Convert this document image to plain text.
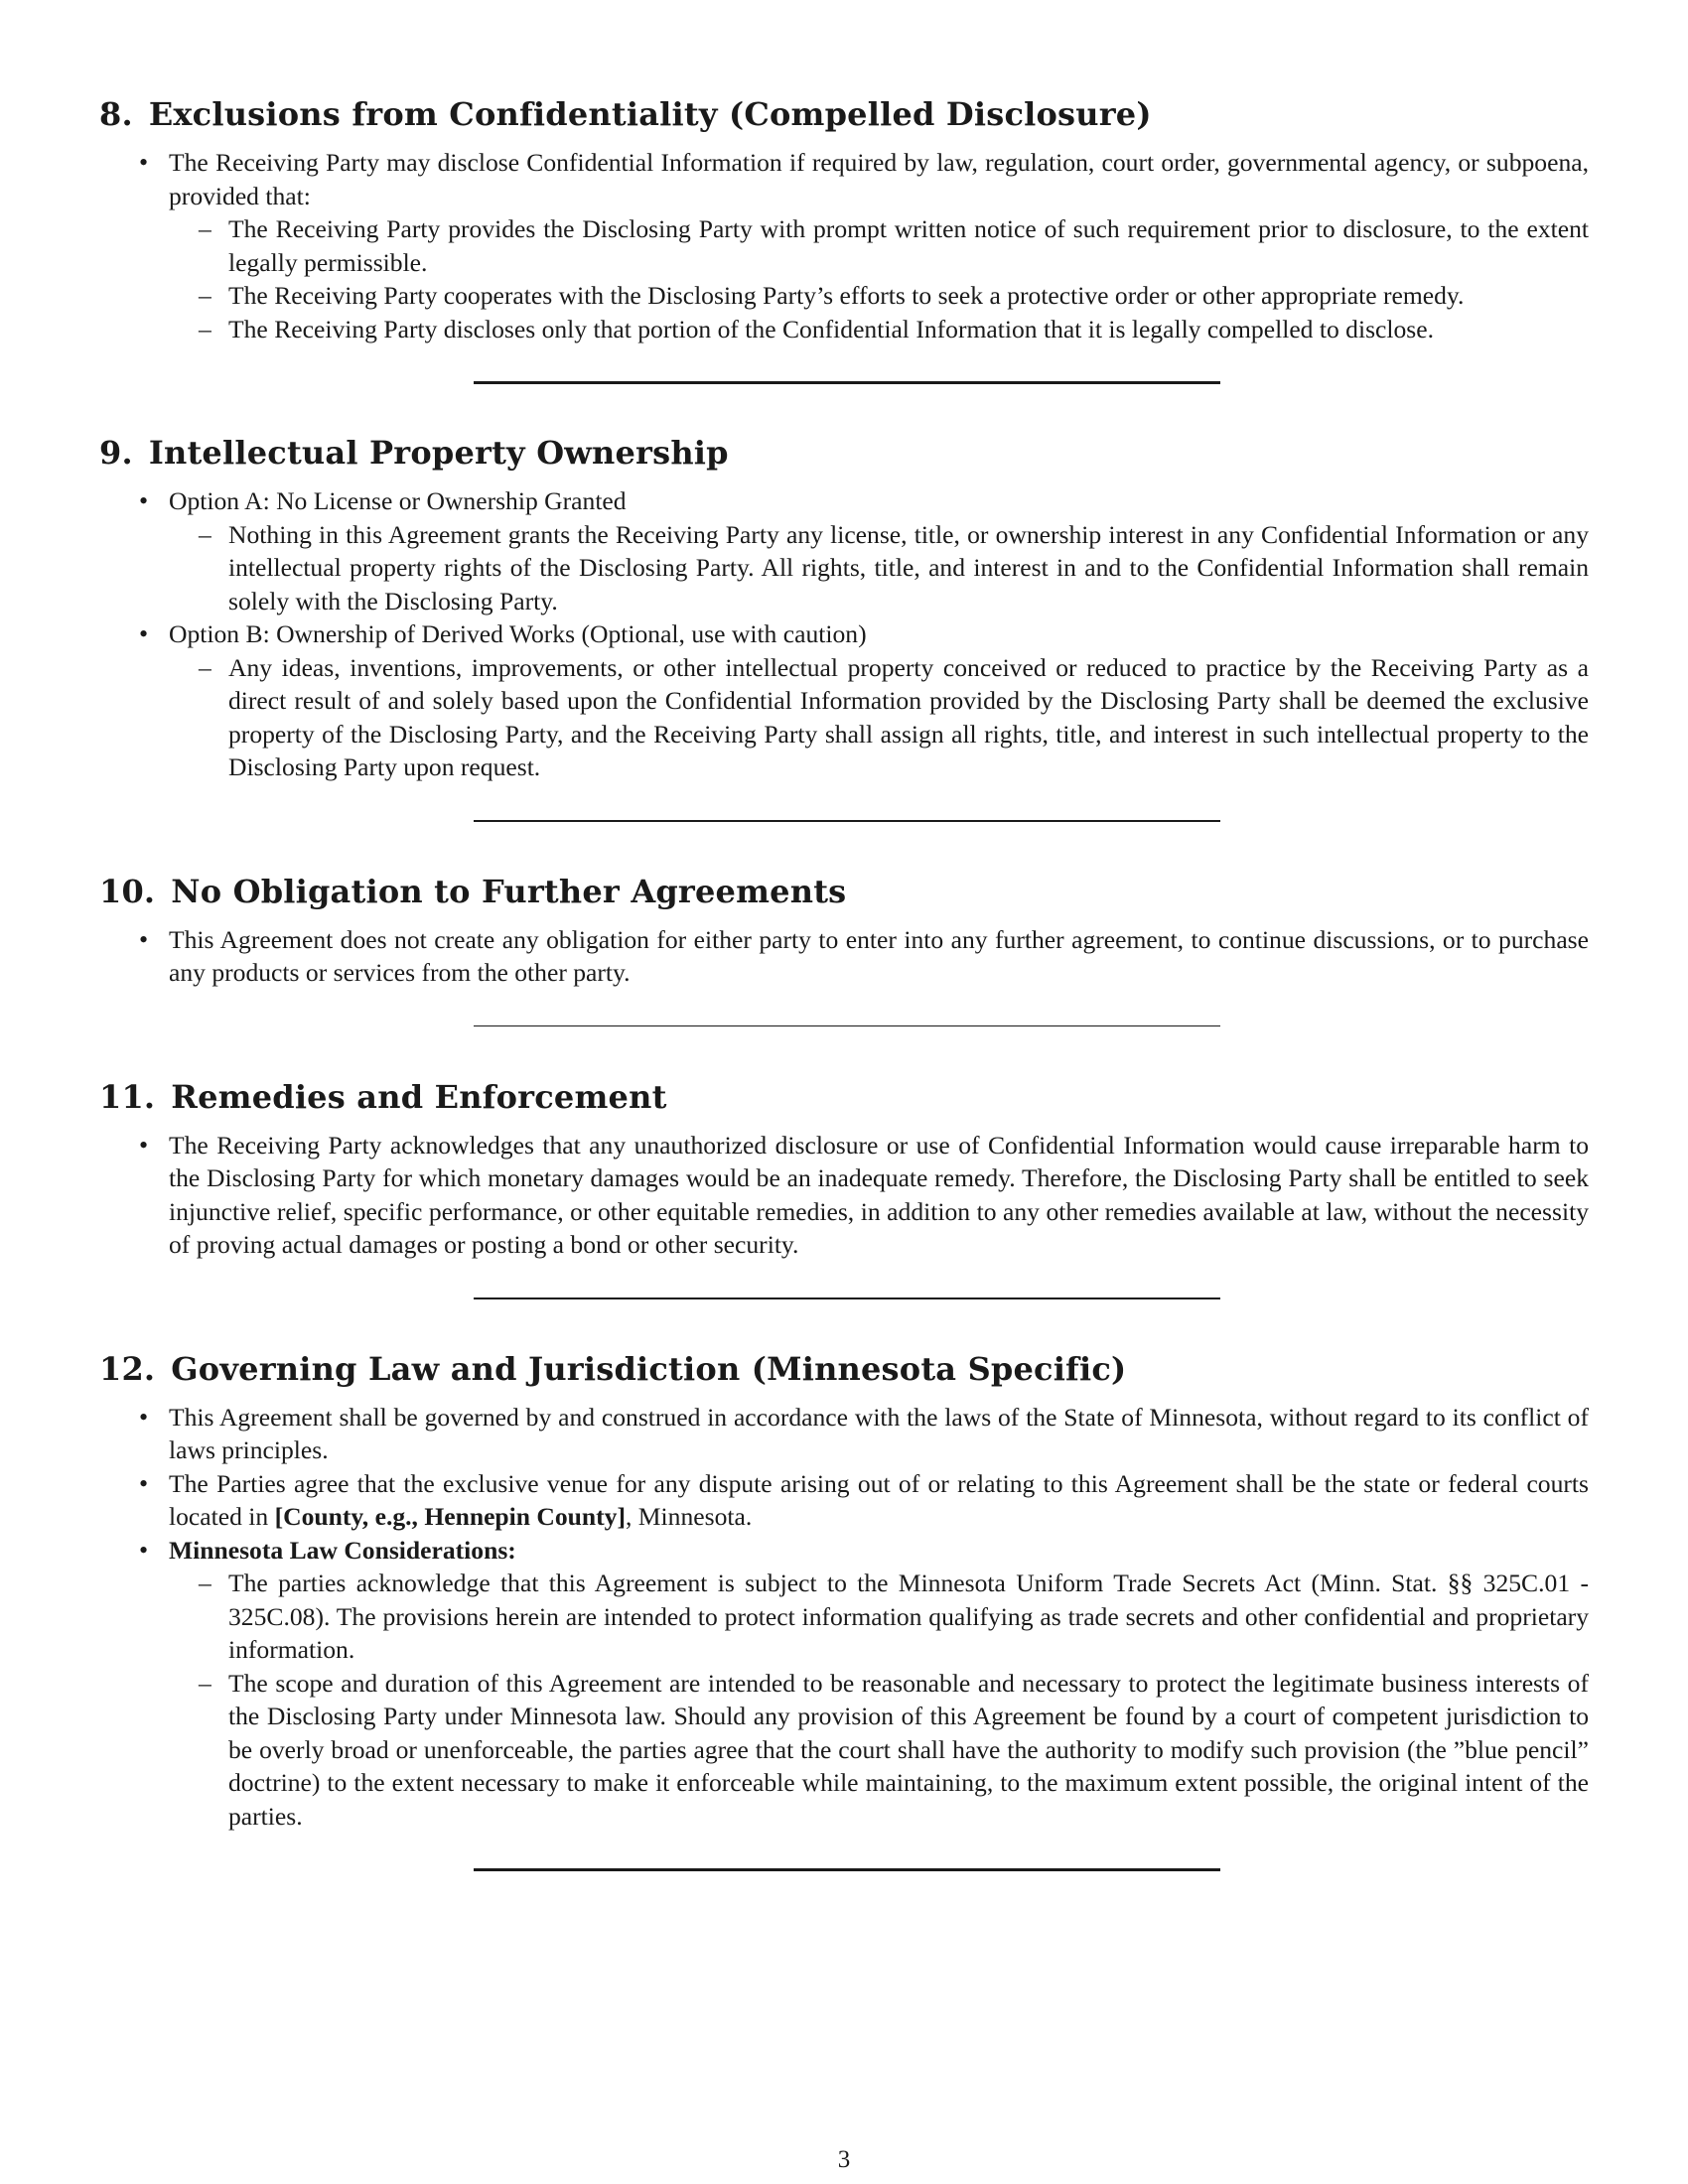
8. Exclusions from Confidentiality (Compelled Disclosure)
• The Receiving Party may disclose Confidential Information if required by law, regulation, court order, governmental agency, or subpoena, provided that:
– The Receiving Party provides the Disclosing Party with prompt written notice of such requirement prior to disclosure, to the extent legally permissible.
– The Receiving Party cooperates with the Disclosing Party’s efforts to seek a protective order or other appropriate remedy.
– The Receiving Party discloses only that portion of the Confidential Information that it is legally compelled to disclose.
9. Intellectual Property Ownership
• Option A: No License or Ownership Granted
– Nothing in this Agreement grants the Receiving Party any license, title, or ownership interest in any Confidential Information or any intellectual property rights of the Disclosing Party. All rights, title, and interest in and to the Confidential Information shall remain solely with the Disclosing Party.
• Option B: Ownership of Derived Works (Optional, use with caution)
– Any ideas, inventions, improvements, or other intellectual property conceived or reduced to practice by the Receiving Party as a direct result of and solely based upon the Confidential Information provided by the Disclosing Party shall be deemed the exclusive property of the Disclosing Party, and the Receiving Party shall assign all rights, title, and interest in such intellectual property to the Disclosing Party upon request.
10. No Obligation to Further Agreements
• This Agreement does not create any obligation for either party to enter into any further agreement, to continue discussions, or to purchase any products or services from the other party.
11. Remedies and Enforcement
• The Receiving Party acknowledges that any unauthorized disclosure or use of Confidential Information would cause irreparable harm to the Disclosing Party for which monetary damages would be an inadequate remedy. Therefore, the Disclosing Party shall be entitled to seek injunctive relief, specific performance, or other equitable remedies, in addition to any other remedies available at law, without the necessity of proving actual damages or posting a bond or other security.
12. Governing Law and Jurisdiction (Minnesota Specific)
• This Agreement shall be governed by and construed in accordance with the laws of the State of Minnesota, without regard to its conflict of laws principles.
• The Parties agree that the exclusive venue for any dispute arising out of or relating to this Agreement shall be the state or federal courts located in [County, e.g., Hennepin County], Minnesota.
• Minnesota Law Considerations:
– The parties acknowledge that this Agreement is subject to the Minnesota Uniform Trade Secrets Act (Minn. Stat. §§ 325C.01 - 325C.08). The provisions herein are intended to protect information qualifying as trade secrets and other confidential and proprietary information.
– The scope and duration of this Agreement are intended to be reasonable and necessary to protect the legitimate business interests of the Disclosing Party under Minnesota law. Should any provision of this Agreement be found by a court of competent jurisdiction to be overly broad or unenforceable, the parties agree that the court shall have the authority to modify such provision (the ”blue pencil” doctrine) to the extent necessary to make it enforceable while maintaining, to the maximum extent possible, the original intent of the parties.
3
